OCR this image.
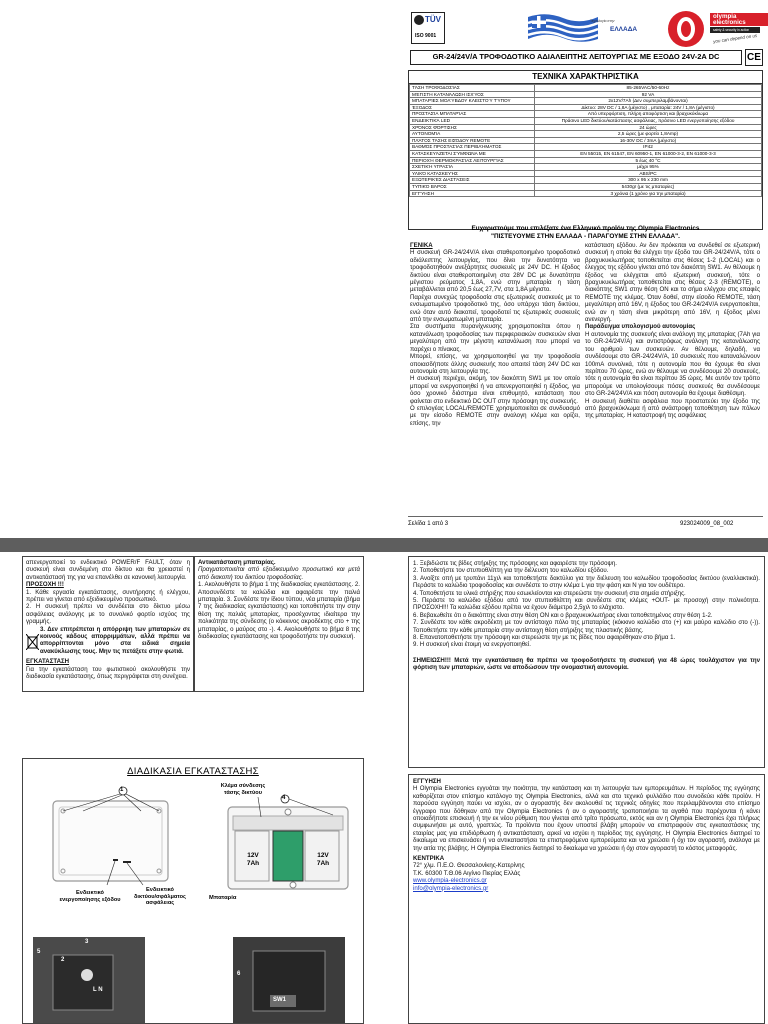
TÜV
ISO 9001
Τεχνολογία στην
ΕΛΛΑΔΑ
olympia
electronics
safety & security in action
you can depend on us
GR-24/24V/A ΤΡΟΦΟΔΟΤΙΚΟ ΑΔΙΑΛΕΙΠΤΗΣ ΛΕΙΤΟΥΡΓΙΑΣ ΜΕ ΕΞΟΔΟ 24V-2A DC	CE
ΤΕΧΝΙΚΑ ΧΑΡΑΚΤΗΡΙΣΤΙΚΑ
ΤΆΣΗ ΤΡΟΦΟΔΟΣΊΑΣ	85-265VAC/50-60Hz
ΜΈΓΙΣΤΗ ΚΑΤΑΝΆΛΩΣΗ ΙΣΧΎΟΣ	92 VA
ΜΠΑΤΑΡΊΕΣ ΜΟΛΎΒΔΟΥ ΚΛΕΙΣΤΟΎ ΤΎΠΟΥ	2x12V/7Ah (Δεν συμπεριλαμβάνονται)
ΈΞΟΔΟΣ	Δίκτυο: 28V DC / 1,8A (μέγιστο) , μπαταρία: 24V / 1,8A (μέγιστο)
ΠΡΟΣΤΑΣΊΑ ΜΠΑΤΑΡΊΑΣ	Από υπερφόρτιση, πλήρη αποφόρτιση και βραχυκύκλωμα
ΕΝΔΕΙΚΤΙΚΆ LED	Πράσινο LED δικτύου/κατάστασης ασφάλειας, πράσινο LED ενεργοποίησης εξόδου
ΧΡΌΝΟΣ ΦΌΡΤΙΣΗΣ	24 ώρες
ΑΥΤΟΝΟΜΊΑ	2,5 ώρες (με φορτίο 1,8Amp)
ΠΛΆΤΟΣ ΤΆΣΗΣ ΕΙΣΌΔΟΥ REMOTE	16-30V DC / 3mA (μέγιστο)
ΒΑΘΜΌΣ ΠΡΟΣΤΑΣΊΑΣ ΠΕΡΙΒΛΉΜΑΤΟΣ	IP42
ΚΑΤΑΣΚΕΥΆΖΕΤΑΙ ΣΎΜΦΩΝΑ ΜΕ	EN 55015, EN 61547, EN 60950-1, EN 61000-3-2, EN 61000-3-3
ΠΕΡΙΟΧΉ ΘΕΡΜΟΚΡΑΣΊΑΣ ΛΕΙΤΟΥΡΓΊΑΣ	5 έως 40 °C
ΣΧΕΤΙΚΉ ΥΓΡΑΣΊΑ	μέχρι 95%
ΥΛΙΚΌ ΚΑΤΑΣΚΕΥΉΣ	ABS/PC
ΕΞΩΤΕΡΙΚΈΣ ΔΙΑΣΤΆΣΕΙΣ	300 x 95 x 230 mm
ΤΥΠΙΚΌ ΒΆΡΟΣ	5430gr (με τις μπαταρίες)
ΕΓΓΎΗΣΗ	3 χρόνια (1 χρόνο για την μπαταρία)
Ευχαριστούμε που επιλέξατε ένα Ελληνικό προϊόν της Olympia Electronics
"ΠΙΣΤΕΥΟΥΜΕ ΣΤΗΝ ΕΛΛΑΔΑ - ΠΑΡΑΓΟΥΜΕ ΣΤΗΝ ΕΛΛΑΔΑ".
ΓΕΝΙΚΑ

Η συσκευή GR-24/24V/A είναι σταθεροποιημένο τροφοδοτικό αδιάλειπτης λειτουργίας, που δίνει την δυνατότητα να τροφοδοτηθούν ανεξάρτητες συσκευές με 24V DC. Η έξοδος δικτύου είναι σταθεροποιημένη στα 28V DC με δυνατότητα μέγιστου ρεύματος 1,8A, ενώ στην μπαταρία η τάση μεταβάλλεται από 20,5 έως 27,7V, στα 1,8A μέγιστο.

Παρέχει συνεχώς τροφοδοσία στις εξωτερικές συσκευές με το ενσωματωμένο τροφοδοτικό της, όσο υπάρχει τάση δικτύου, ενώ όταν αυτό διακοπεί, τροφοδοτεί τις εξωτερικές συσκευές από την ενσωματωμένη μπαταρία.

Στα συστήματα πυρανίχνευσης χρησιμοποιείται όπου η κατανάλωση τροφοδοσίας των περιφερειακών συσκευών είναι μεγαλύτερη από την μέγιστη κατανάλωση που μπορεί να παρέχει ο πίνακας.

Μπορεί, επίσης, να χρησιμοποιηθεί για την τροφοδοσία οποιασδήποτε άλλης συσκευής που απαιτεί τάση 24V DC και αυτονομία στη λειτουργία της.

Η συσκευή περιέχει, ακόμη, τον διακόπτη SW1 με τον οποίο μπορεί να ενεργοποιηθεί ή να απενεργοποιηθεί η έξοδος, για όσο χρονικό διάστημα είναι επιθυμητό, κατάσταση που φαίνεται στο ενδεικτικό DC OUT στην πρόσοψη της συσκευής.

Ο επιλογέας LOCAL/REMOTE χρησιμοποιείται σε συνδυασμό με την είσοδο REMOTE στην αναλογη κλέμα και ορίζει, επίσης, την

κατάσταση εξόδου. Αν δεν πρόκειται να συνδεθεί σε εξωτερική συσκευή η οποία θα ελέγχει την έξοδο του GR-24/24V/A, τότε ο βραχυκυκλωτήρας τοποθετείται στις θέσεις 1-2 (LOCAL) και ο έλεγχος της εξόδου γίνεται από τον διακόπτη SW1. Αν θέλουμε η έξοδος να ελέγχεται από εξωτερική συσκευή, τότε ο βραχυκυκλωτήρας τοποθετείται στις θέσεις 2-3 (REMOTE), ο διακόπτης SW1 στην θέση ON και το σήμα ελέγχου στις επαφές REMOTE της κλέμας. Όταν δοθεί, στην είσοδο REMOTE, τάση μεγαλύτερη από 16V, η έξοδος του GR-24/24V/A ενεργοποιείται, ενώ αν η τάση είναι μικρότερη από 16V, η έξοδος μένει ανενεργή.

Παράδειγμα υπολογισμού αυτονομίας

Η αυτονομία της συσκευής είναι ανάλογη της μπαταρίας (7Ah για το GR-24/24V/A) και αντιστρόφως ανάλογη της κατανάλωσης του αριθμού των συσκευών. Αν θέλουμε, δηλαδή, να συνδέσουμε στο GR-24/24V/A, 10 συσκευές που καταναλώνουν 100mA συνολικά, τότε η αυτονομία που θα έχουμε θα είναι περίπου 70 ώρες, ενώ αν θέλουμε να συνδέσουμε 20 συσκευές, τότε η αυτονομία θα είναι περίπου 35 ώρες. Με αυτόν τον τρόπο μπορούμε να υπολογίσουμε πόσες συσκευές θα συνδέσουμε στο GR-24/24V/A και πόση αυτονομία θα έχουμε διαθέσιμη.

Η συσκευή διαθέτει ασφάλεια που προστατεύει την έξοδο της από βραχυκύκλωμα ή από ανάστροφη τοποθέτηση των πόλων της μπαταρίας. Η καταστροφή της ασφάλειας

Σελίδα 1 από 3	923024009_08_002

απενεργοποιεί το ενδεικτικό POWER/F FAULT, όταν η συσκευή είναι συνδεμένη στο δίκτυο και θα χρειαστεί η αντικατάστασή της για να επανέλθει σε κανονική λειτουργία.

ΠΡΟΣΟΧΗ !!!

1. Κάθε εργασία εγκατάστασης, συντήρησης ή ελέγχου, πρέπει να γίνεται από εξειδικευμένο προσωπικό.

2. Η συσκευή πρέπει να συνδέεται στο δίκτυο μέσω ασφάλειας ανάλογης με το συνολικό φορτίο ισχύος της γραμμής.

3. Δεν επιτρέπεται η απόρριψη των μπαταριών σε κοινούς κάδους απορριμμάτων, αλλά πρέπει να απορρίπτονται μόνο στα ειδικά σημεία ανακύκλωσης τους. Μην τις πετάξετε στην φωτιά.

ΕΓΚΑΤΑΣΤΑΣΗ

Για την εγκατάσταση του φωτιστικού ακολουθήστε την διαδικασία εγκατάστασης, όπως περιγράφεται στη συνέχεια.

Αντικατάσταση μπαταρίας.

Πραγματοποιείται από εξειδικευμένο προσωπικό και μετά από διακοπή του δικτύου τροφοδοσίας.

1. Ακολουθήστε το βήμα 1 της διαδικασίας εγκατάστασης. 2. Αποσυνδέστε τα καλώδια και αφαιρέστε την παλιά μπαταρία. 3. Συνδέστε την ίδιου τύπου, νέα μπαταρία (βήμα 7 της διαδικασίας εγκατάστασης) και τοποθετήστε την στην θέση της παλιάς μπαταρίας, προσέχοντας ιδιαίτερα την πολικότητα της σύνδεσης (ο κόκκινος ακροδέκτης στο + της μπαταρίας, ο μαύρος στο -). 4. Ακολουθήστε το βήμα 8 της διαδικασίας εγκατάστασης και τροφοδοτήστε την συσκευή.

ΔΙΑΔΙΚΑΣΙΑ ΕΓΚΑΤΑΣΤΑΣΗΣ
1
4
Κλέμα σύνδεσης
τάσης δικτύου
12V
7Ah
12V
7Ah
Ενδεικτικό
ενεργοποίησης εξόδου
Ενδεικτικό
δικτύου/σφάλματος
ασφάλειας
Μπαταρία
2
3
5
L N
6
SW1

1. Ξεβιδώστε τις βίδες στήριξης της πρόσοψης και αφαιρέστε την πρόσοψη.

2. Τοποθετήστε τον στυπιοθλίπτη για την διέλευση του καλωδίου εξόδου.

3. Ανοίξτε οπή με τρυπάνι 11χιλ και τοποθετήστε δακτύλιο για την διέλευση του καλωδίου τροφοδοσίας δικτύου (εναλλακτικά). Περάστε το καλώδιο τροφοδοσίας και συνδέστε το στην κλέμα L για την φάση και N για τον ουδέτερο.

4. Τοποθετήστε τα υλικά στήριξης που εσωκλείονται και στερεώστε την συσκευή στα σημεία στήριξης.

5. Περάστε το καλώδιο εξόδου από τον στυπιοθλίπτη και συνδέστε στις κλέμες +OUT- με προσοχή στην πολικότητα. ΠΡΟΣΟΧΗ!!! Τα καλώδια εξόδου πρέπει να έχουν διάμετρο 2,5χιλ το ελάχιστο.

6. Βεβαιωθείτε ότι ο διακόπτης είναι στην θέση ON και ο βραχυκυκλωτήρας είναι τοποθετημένος στην θέση 1-2.

7. Συνδέστε τον κάθε ακροδέκτη με τον αντίστοιχο πόλο της μπαταρίας (κόκκινο καλώδιο στο (+) και μαύρο καλώδιο στο (-)). Τοποθετήστε την κάθε μπαταρία στην αντίστοιχη θέση στήριξης της πλαστικής βάσης.

8. Επανατοποθετήστε την πρόσοψη και στερεώστε την με τις βίδες που αφαιρέθηκαν στο βήμα 1.

9. Η συσκευή είναι έτοιμη να ενεργοποιηθεί.

ΣΗΜΕΙΩΣΗ!!! Μετά την εγκατάσταση θα πρέπει να τροφοδοτήσετε τη συσκευή για 48 ώρες τουλάχιστον για την φόρτιση των μπαταριών, ώστε να αποδώσουν την ονομαστική αυτονομία.

ΕΓΓΥΗΣΗ

Η Olympia Electronics εγγυάται την ποιότητα, την κατάσταση και τη λειτουργία των εμπορευμάτων. Η περίοδος της εγγύησης καθορίζεται στον επίσημο κατάλογο της Olympia Electronics, αλλά και στο τεχνικό φυλλάδιο που συνοδεύει κάθε προϊόν. Η παρούσα εγγύηση παύει να ισχύει, αν ο αγοραστής δεν ακολουθεί τις τεχνικές οδηγίες που περιλαμβάνονται στο επίσημο έγγραφο που δόθηκαν από την Olympia Electronics ή αν ο αγοραστής τροποποιήσει τα αγαθά που παρέχονται ή κάνει οποιαδήποτε επισκευή ή την εκ νέου ρύθμιση που γίνεται από τρίτο πρόσωπο, εκτός και αν η Olympia Electronics έχει πλήρως συμφωνήσει με αυτό, γραπτώς. Τα προϊόντα που έχουν υποστεί βλάβη μπορούν να επιστραφούν στις εγκαταστάσεις της εταιρίας μας για επιδιόρθωση ή αντικατάσταση, αρκεί να ισχύει η περίοδος της εγγύησης. Η Olympia Electronics διατηρεί το δικαίωμα να επισκευάσει ή να αντικαταστήσει τα επιστρεφόμενα εμπορεύματα και να χρεώσει ή όχι τον αγοραστή, ανάλογα με την αιτία της βλάβης. Η Olympia Electronics διατηρεί το δικαίωμα να χρεώσει ή όχι στον αγοραστή το κόστος μεταφοράς.

ΚΕΝΤΡΙΚΑ
72° χλμ. Π.Ε.Ο. Θεσσαλονίκης-Κατερίνης
Τ.Κ. 60300 Τ.Θ.06 Αιγίνιο Πιερίας Ελλάς
www.olympia-electronics.gr
info@olympia-electronics.gr
